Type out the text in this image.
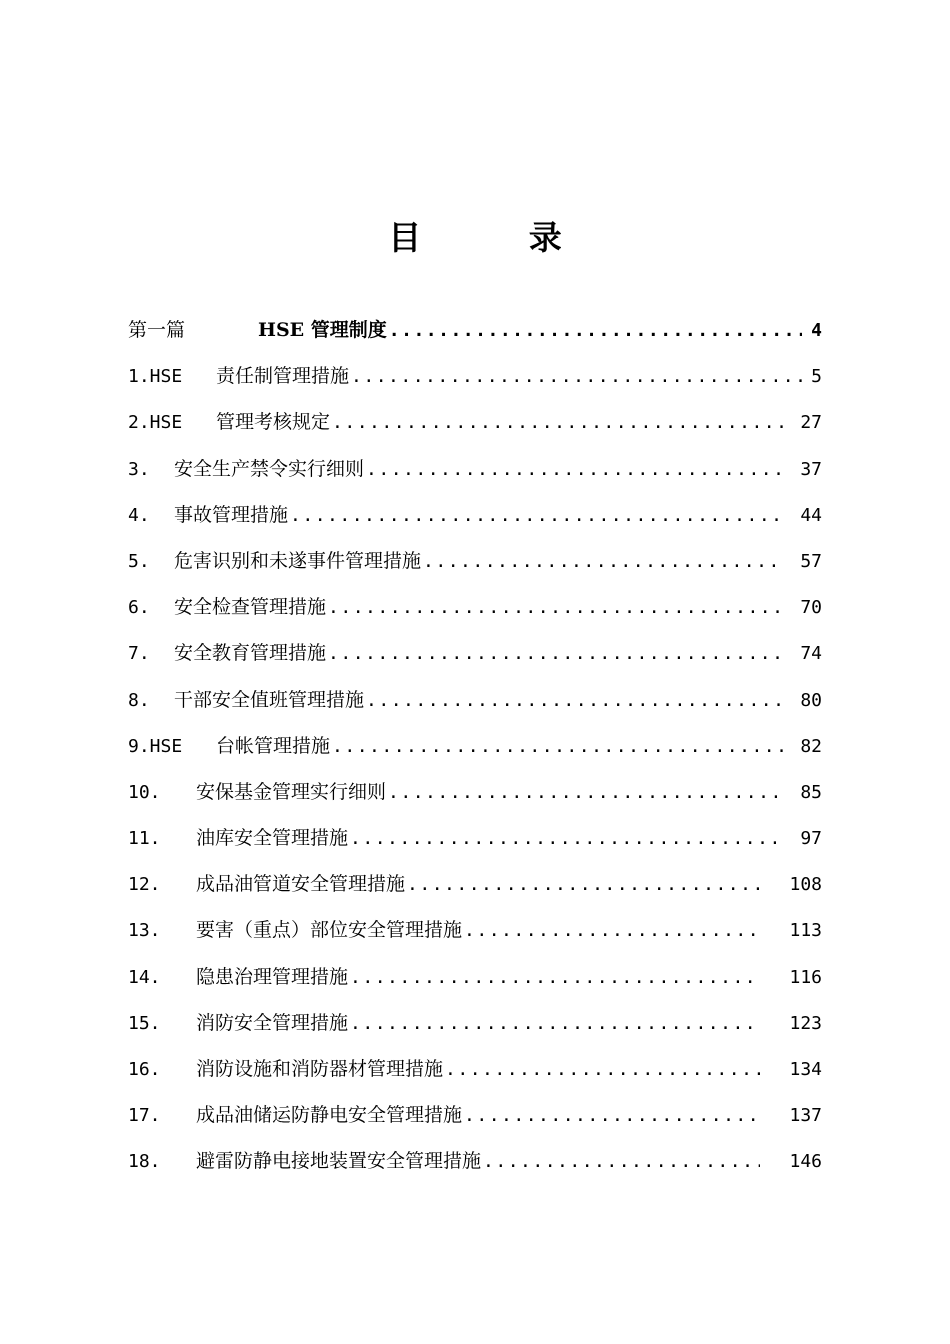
目 录
第一篇	HSE 管理制度 .....	4
1.HSE	责任制管理措施 .....	5
2.HSE	管理考核规定 .....	27
3.	安全生产禁令实行细则 .....	37
4.	事故管理措施 .....	44
5.	危害识别和未遂事件管理措施 .....	57
6.	安全检查管理措施 .....	70
7.	安全教育管理措施 .....	74
8.	干部安全值班管理措施 .....	80
9.HSE	台帐管理措施 .....	82
10.	安保基金管理实行细则 .....	85
11.	油库安全管理措施 .....	97
12.	成品油管道安全管理措施 .....	108
13.	要害（重点）部位安全管理措施 .....	113
14.	隐患治理管理措施 .....	116
15.	消防安全管理措施 .....	123
16.	消防设施和消防器材管理措施 .....	134
17.	成品油储运防静电安全管理措施 .....	137
18.	避雷防静电接地装置安全管理措施 .....	146
